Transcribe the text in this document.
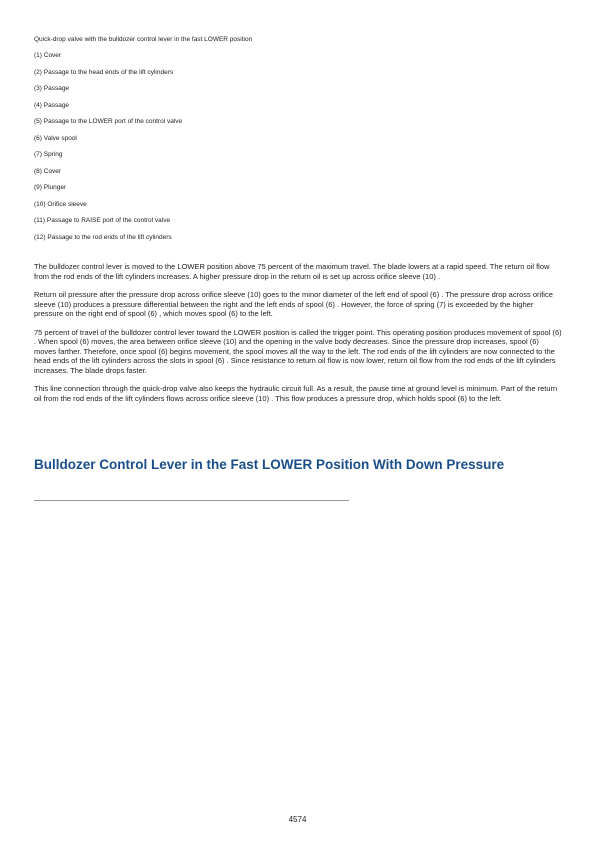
Quick-drop valve with the bulldozer control lever in the fast LOWER position
(1) Cover
(2) Passage to the head ends of the lift cylinders
(3) Passage
(4) Passage
(5) Passage to the LOWER port of the control valve
(6) Valve spool
(7) Spring
(8) Cover
(9) Plunger
(10) Orifice sleeve
(11) Passage to RAISE port of the control valve
(12) Passage to the rod ends of the lift cylinders

The bulldozer control lever is moved to the LOWER position above 75 percent of the maximum travel. The blade lowers at a rapid speed. The return oil flow from the rod ends of the lift cylinders increases. A higher pressure drop in the return oil is set up across orifice sleeve (10) .

Return oil pressure after the pressure drop across orifice sleeve (10) goes to the minor diameter of the left end of spool (6) . The pressure drop across orifice sleeve (10) produces a pressure differential between the right and the left ends of spool (6) . However, the force of spring (7) is exceeded by the higher pressure on the right end of spool (6) , which moves spool (6) to the left.

75 percent of travel of the bulldozer control lever toward the LOWER position is called the trigger point. This operating position produces movement of spool (6) . When spool (6) moves, the area between orifice sleeve (10) and the opening in the valve body decreases. Since the pressure drop increases, spool (6) moves farther. Therefore, once spool (6) begins movement, the spool moves all the way to the left. The rod ends of the lift cylinders are now connected to the head ends of the lift cylinders across the slots in spool (6) . Since resistance to return oil flow is now lower, return oil flow from the rod ends of the lift cylinders increases. The blade drops faster.

This line connection through the quick-drop valve also keeps the hydraulic circuit full. As a result, the pause time at ground level is minimum. Part of the return oil from the rod ends of the lift cylinders flows across orifice sleeve (10) . This flow produces a pressure drop, which holds spool (6) to the left.

Bulldozer Control Lever in the Fast LOWER Position With Down Pressure
4574
